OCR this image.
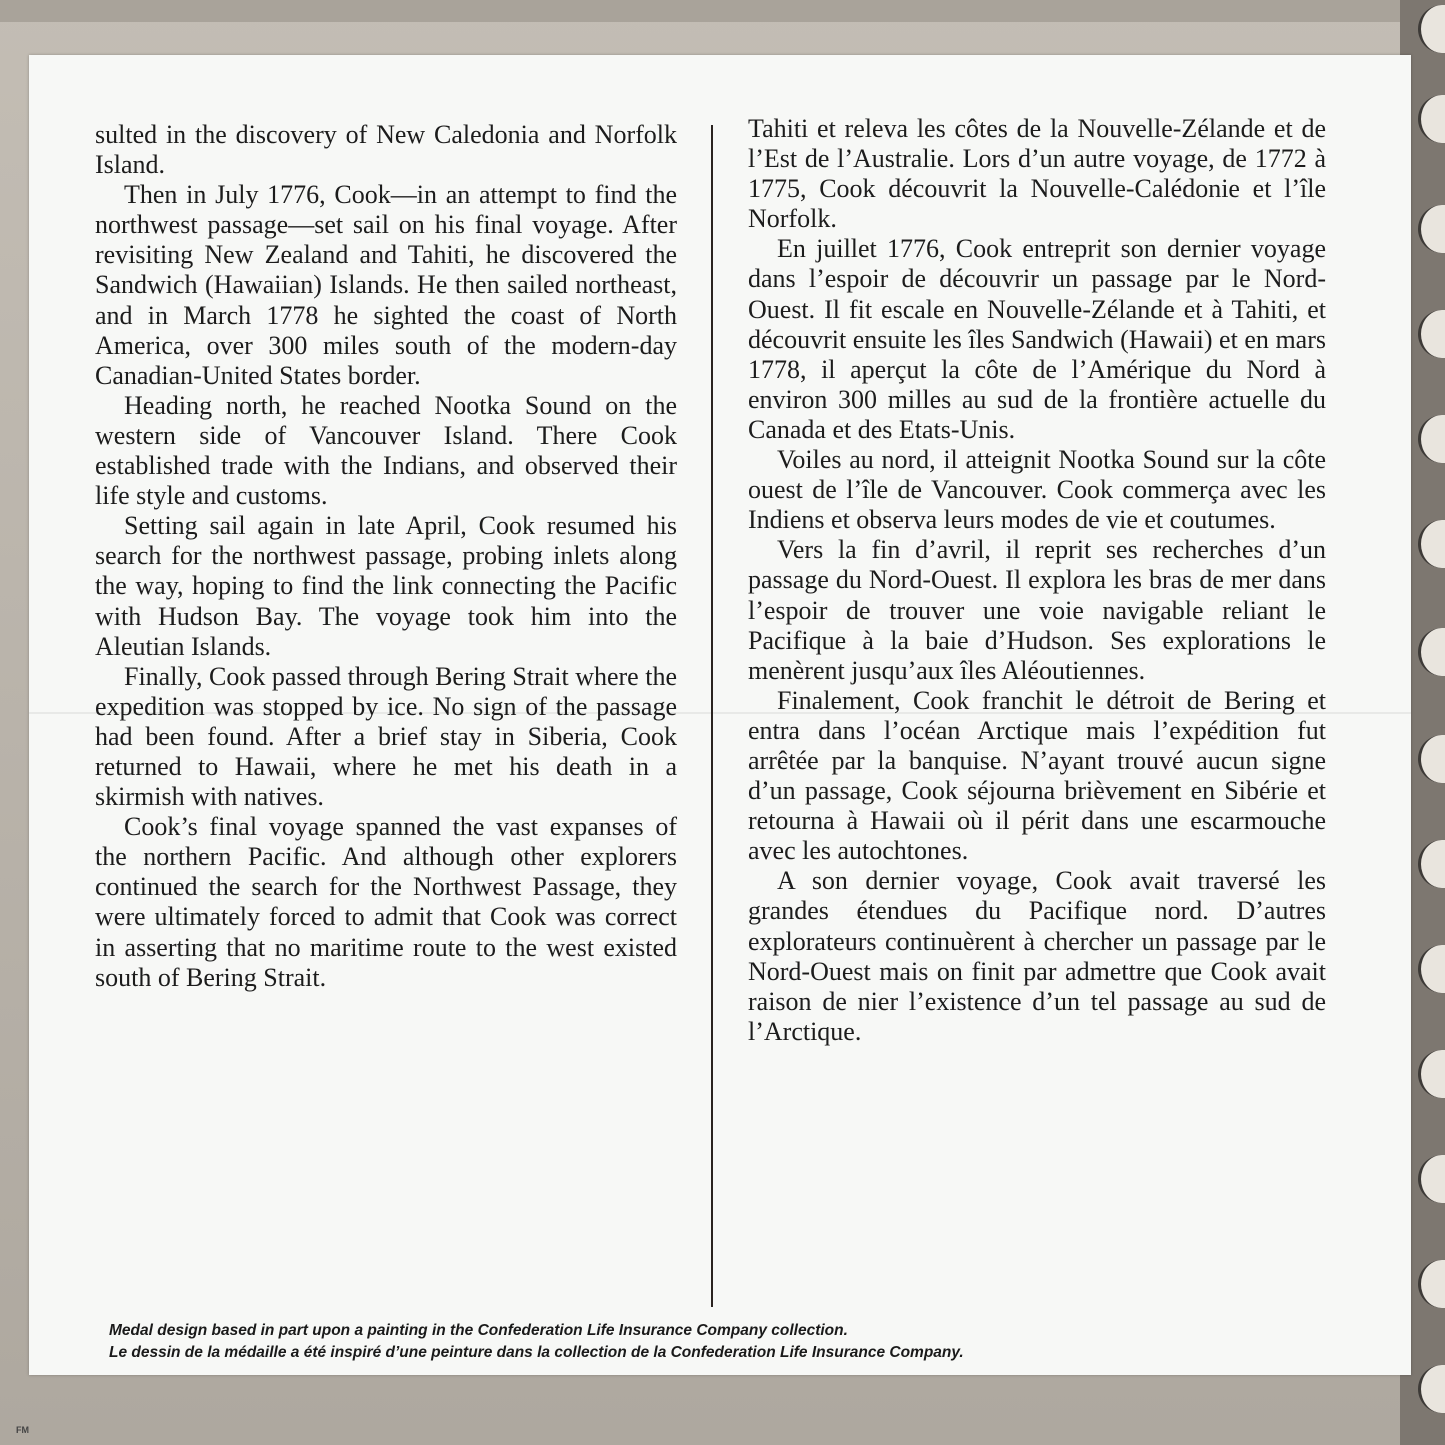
sulted in the discovery of New Caledonia and Norfolk Island.

Then in July 1776, Cook—in an attempt to find the northwest passage—set sail on his final voyage. After revisiting New Zealand and Tahiti, he discovered the Sandwich (Hawaiian) Islands. He then sailed northeast, and in March 1778 he sighted the coast of North America, over 300 miles south of the modern-day Canadian-United States border.

Heading north, he reached Nootka Sound on the western side of Vancouver Island. There Cook established trade with the Indians, and observed their life style and customs.

Setting sail again in late April, Cook resumed his search for the northwest passage, probing inlets along the way, hoping to find the link connecting the Pacific with Hudson Bay. The voyage took him into the Aleutian Islands.

Finally, Cook passed through Bering Strait where the expedition was stopped by ice. No sign of the passage had been found. After a brief stay in Siberia, Cook returned to Hawaii, where he met his death in a skirmish with natives.

Cook’s final voyage spanned the vast expanses of the northern Pacific. And although other explorers continued the search for the Northwest Passage, they were ultimately forced to admit that Cook was correct in asserting that no maritime route to the west existed south of Bering Strait.

Tahiti et releva les côtes de la Nouvelle-Zélande et de l’Est de l’Australie. Lors d’un autre voyage, de 1772 à 1775, Cook découvrit la Nouvelle-Calédonie et l’île Norfolk.

En juillet 1776, Cook entreprit son dernier voyage dans l’espoir de découvrir un passage par le Nord-Ouest. Il fit escale en Nouvelle-Zélande et à Tahiti, et découvrit ensuite les îles Sandwich (Hawaii) et en mars 1778, il aperçut la côte de l’Amérique du Nord à environ 300 milles au sud de la frontière actuelle du Canada et des Etats-Unis.

Voiles au nord, il atteignit Nootka Sound sur la côte ouest de l’île de Vancouver. Cook commerça avec les Indiens et observa leurs modes de vie et coutumes.

Vers la fin d’avril, il reprit ses recherches d’un passage du Nord-Ouest. Il explora les bras de mer dans l’espoir de trouver une voie navigable reliant le Pacifique à la baie d’Hudson. Ses explorations le menèrent jusqu’aux îles Aléoutiennes.

Finalement, Cook franchit le détroit de Bering et entra dans l’océan Arctique mais l’expédition fut arrêtée par la banquise. N’ayant trouvé aucun signe d’un passage, Cook séjourna brièvement en Sibérie et retourna à Hawaii où il périt dans une escarmouche avec les autochtones.

A son dernier voyage, Cook avait traversé les grandes étendues du Pacifique nord. D’autres explorateurs continuèrent à chercher un passage par le Nord-Ouest mais on finit par admettre que Cook avait raison de nier l’existence d’un tel passage au sud de l’Arctique.

Medal design based in part upon a painting in the Confederation Life Insurance Company collection.
Le dessin de la médaille a été inspiré d’une peinture dans la collection de la Confederation Life Insurance Company.
FM
